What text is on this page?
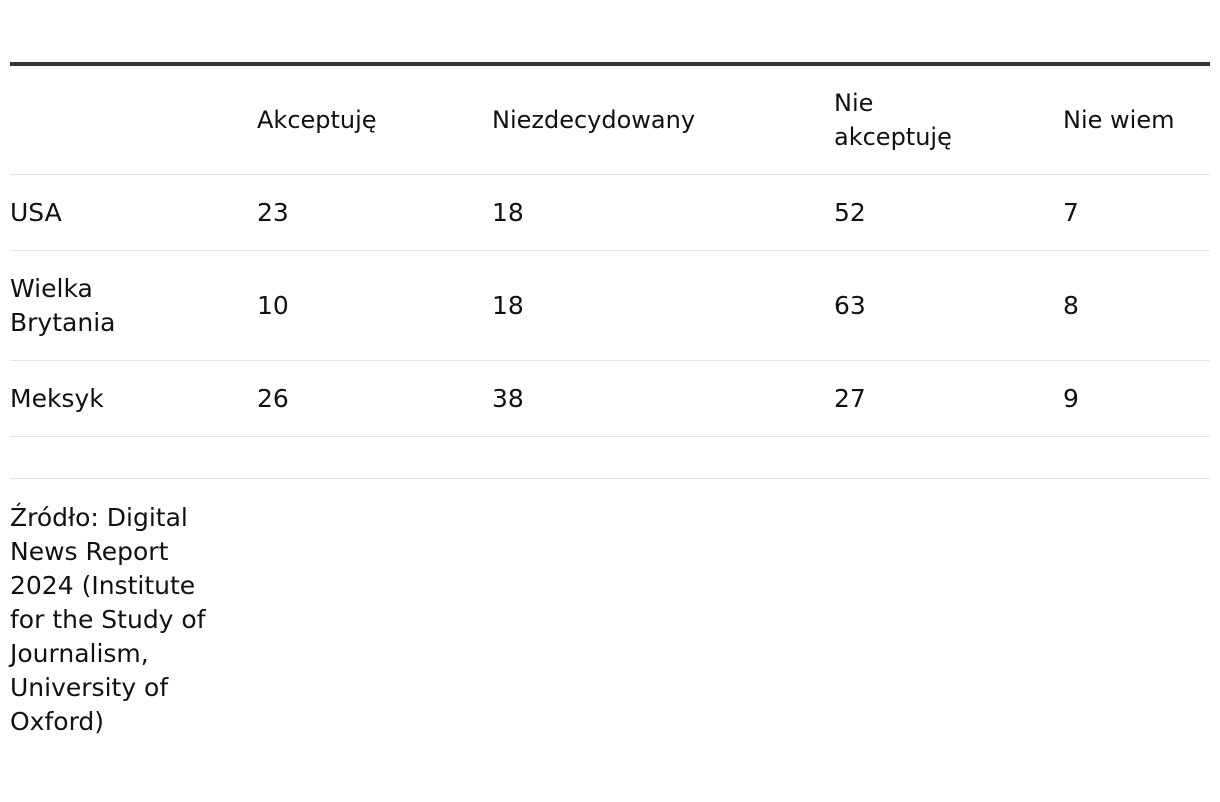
	Akceptuję	Niezdecydowany	Nie akceptuję	Nie wiem
USA	23	18	52	7
Wielka Brytania	10	18	63	8
Meksyk	26	38	27	9

Źródło: Digital News Report 2024 (Institute for the Study of Journalism, University of Oxford)
